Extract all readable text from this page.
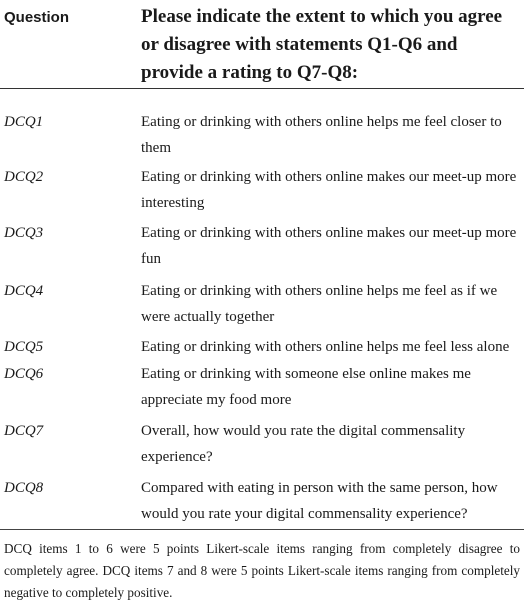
Question	Please indicate the extent to which you agree or disagree with statements Q1-Q6 and provide a rating to Q7-Q8:
DCQ1	Eating or drinking with others online helps me feel closer to them
DCQ2	Eating or drinking with others online makes our meet-up more interesting
DCQ3	Eating or drinking with others online makes our meet-up more fun
DCQ4	Eating or drinking with others online helps me feel as if we were actually together
DCQ5	Eating or drinking with others online helps me feel less alone
DCQ6	Eating or drinking with someone else online makes me appreciate my food more
DCQ7	Overall, how would you rate the digital commensality experience?
DCQ8	Compared with eating in person with the same person, how would you rate your digital commensality experience?
DCQ items 1 to 6 were 5 points Likert-scale items ranging from completely disagree to completely agree. DCQ items 7 and 8 were 5 points Likert-scale items ranging from completely negative to completely positive.
